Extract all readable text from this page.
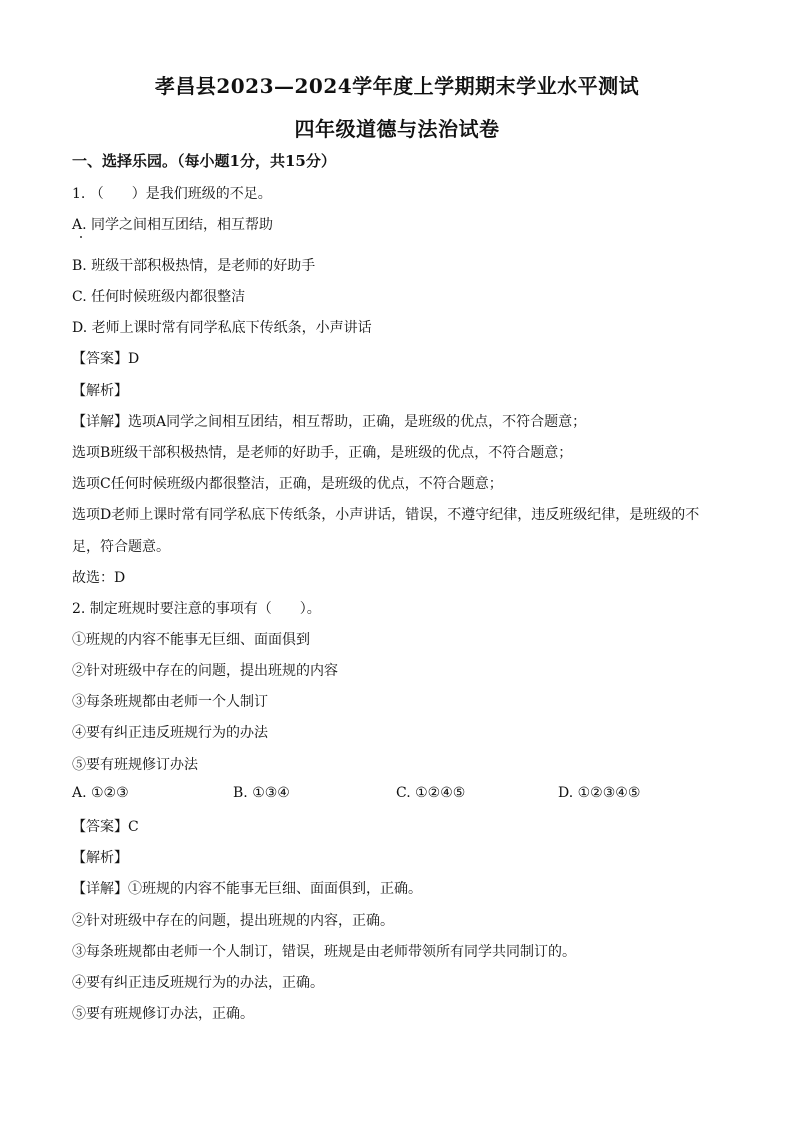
孝昌县2023—2024学年度上学期期末学业水平测试
四年级道德与法治试卷
一、选择乐园。（每小题1分，共15分）
1. （　　）是我们班级的不足。
A. 同学之间相互团结，相互帮助
B. 班级干部积极热情，是老师的好助手
C. 任何时候班级内都很整洁
D. 老师上课时常有同学私底下传纸条，小声讲话
【答案】D
【解析】
【详解】选项A同学之间相互团结，相互帮助，正确，是班级的优点，不符合题意；
选项B班级干部积极热情，是老师的好助手，正确，是班级的优点，不符合题意；
选项C任何时候班级内都很整洁，正确，是班级的优点，不符合题意；
选项D老师上课时常有同学私底下传纸条，小声讲话，错误，不遵守纪律，违反班级纪律，是班级的不
足，符合题意。
故选：D
2. 制定班规时要注意的事项有（　　）。
①班规的内容不能事无巨细、面面俱到
②针对班级中存在的问题，提出班规的内容
③每条班规都由老师一个人制订
④要有纠正违反班规行为的办法
⑤要有班规修订办法
A. ①②③	B. ①③④	C. ①②④⑤	D. ①②③④⑤
【答案】C
【解析】
【详解】①班规的内容不能事无巨细、面面俱到，正确。
②针对班级中存在的问题，提出班规的内容，正确。
③每条班规都由老师一个人制订，错误，班规是由老师带领所有同学共同制订的。
④要有纠正违反班规行为的办法，正确。
⑤要有班规修订办法，正确。
